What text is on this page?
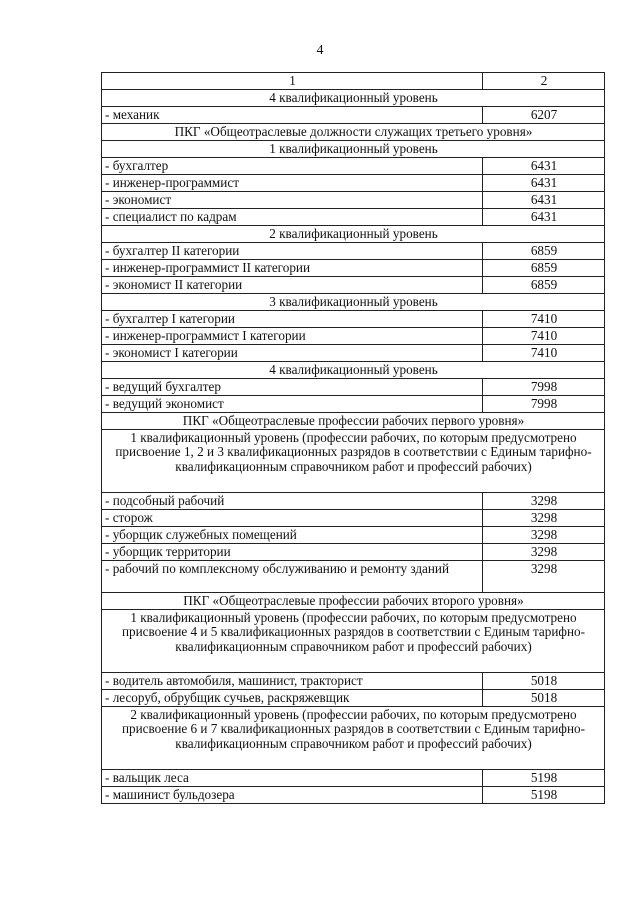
4
1	2
4 квалификационный уровень	
- механик	6207
ПКГ «Общеотраслевые должности служащих третьего уровня»	
1 квалификационный уровень	
- бухгалтер	6431
- инженер-программист	6431
- экономист	6431
- специалист по кадрам	6431
2 квалификационный уровень	
- бухгалтер II категории	6859
- инженер-программист II категории	6859
- экономист II категории	6859
3 квалификационный уровень	
- бухгалтер I категории	7410
- инженер-программист I категории	7410
- экономист I категории	7410
4 квалификационный уровень	
- ведущий бухгалтер	7998
- ведущий экономист	7998
ПКГ «Общеотраслевые профессии рабочих первого уровня»	
1 квалификационный уровень (профессии рабочих, по которым предусмотрено присвоение 1, 2 и 3 квалификационных разрядов в соответствии с Единым тарифно-квалификационным справочником работ и профессий рабочих)	
- подсобный рабочий	3298
- сторож	3298
- уборщик служебных помещений	3298
- уборщик территории	3298
- рабочий по комплексному обслуживанию и ремонту зданий	3298
ПКГ «Общеотраслевые профессии рабочих второго уровня»	
1 квалификационный уровень (профессии рабочих, по которым предусмотрено присвоение 4 и 5 квалификационных разрядов в соответствии с Единым тарифно-квалификационным справочником работ и профессий рабочих)	
- водитель автомобиля, машинист, тракторист	5018
- лесоруб, обрубщик сучьев, раскряжевщик	5018
2 квалификационный уровень (профессии рабочих, по которым предусмотрено присвоение 6 и 7 квалификационных разрядов в соответствии с Единым тарифно-квалификационным справочником работ и профессий рабочих)	
- вальщик леса	5198
- машинист бульдозера	5198
